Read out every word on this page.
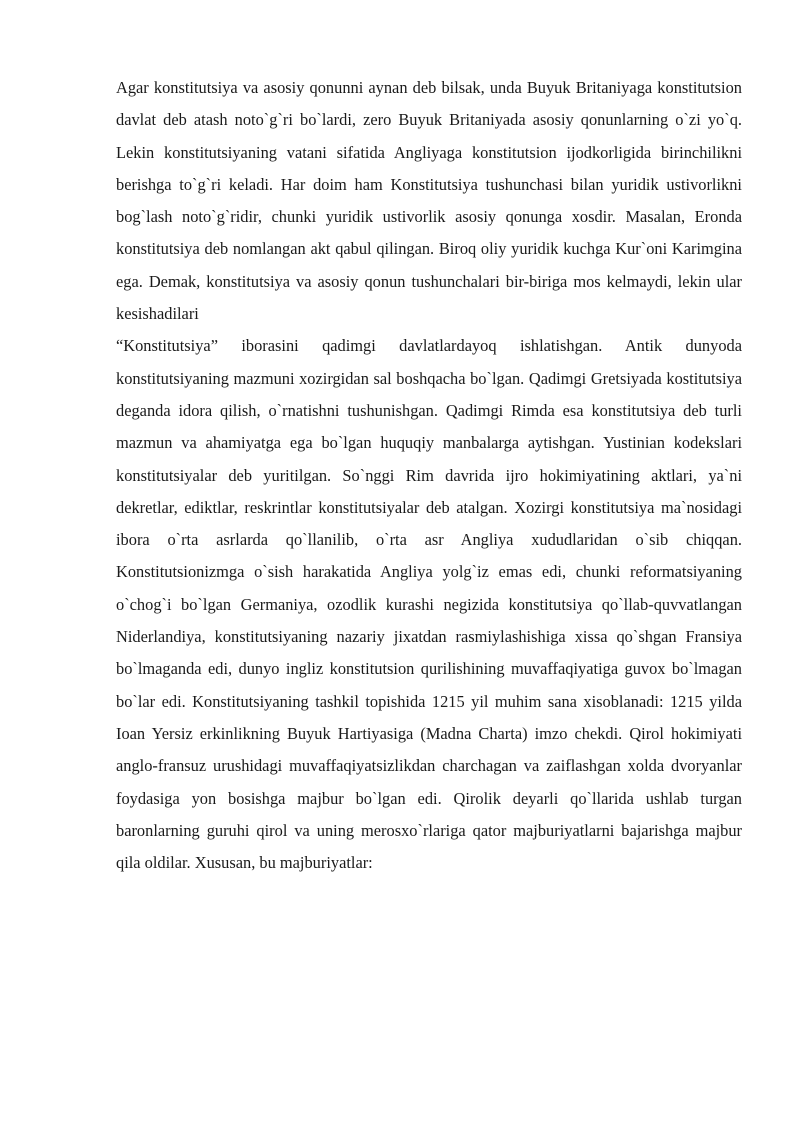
Agar konstitutsiya va asosiy qonunni aynan deb bilsak, unda Buyuk Britaniyaga konstitutsion davlat deb atash noto`g`ri bo`lardi, zero Buyuk Britaniyada asosiy qonunlarning o`zi yo`q. Lekin konstitutsiyaning vatani sifatida Angliyaga konstitutsion ijodkorligida birinchilikni berishga to`g`ri keladi. Har doim ham Konstitutsiya tushunchasi bilan yuridik ustivorlikni bog`lash noto`g`ridir, chunki yuridik ustivorlik asosiy qonunga xosdir. Masalan, Eronda konstitutsiya deb nomlangan akt qabul qilingan. Biroq oliy yuridik kuchga Kur`oni Karimgina ega. Demak, konstitutsiya va asosiy qonun tushunchalari bir-biriga mos kelmaydi, lekin ular kesishadilari

“Konstitutsiya” iborasini qadimgi davlatlardayoq ishlatishgan. Antik dunyoda konstitutsiyaning mazmuni xozirgidan sal boshqacha bo`lgan. Qadimgi Gretsiyada kostitutsiya deganda idora qilish, o`rnatishni tushunishgan. Qadimgi Rimda esa konstitutsiya deb turli mazmun va ahamiyatga ega bo`lgan huquqiy manbalarga aytishgan. Yustinian kodekslari konstitutsiyalar deb yuritilgan. So`nggi Rim davrida ijro hokimiyatining aktlari, ya`ni dekretlar, ediktlar, reskrintlar konstitutsiyalar deb atalgan. Xozirgi konstitutsiya ma`nosidagi ibora o`rta asrlarda qo`llanilib, o`rta asr Angliya xududlaridan o`sib chiqqan. Konstitutsionizmga o`sish harakatida Angliya yolg`iz emas edi, chunki reformatsiyaning o`chog`i bo`lgan Germaniya, ozodlik kurashi negizida konstitutsiya qo`llab-quvvatlangan Niderlandiya, konstitutsiyaning nazariy jixatdan rasmiylashishiga xissa qo`shgan Fransiya bo`lmaganda edi, dunyo ingliz konstitutsion qurilishining muvaffaqiyatiga guvox bo`lmagan bo`lar edi. Konstitutsiyaning tashkil topishida 1215 yil muhim sana xisoblanadi: 1215 yilda Ioan Yersiz erkinlikning Buyuk Hartiyasiga (Madna Charta) imzo chekdi. Qirol hokimiyati anglo-fransuz urushidagi muvaffaqiyatsizlikdan charchagan va zaiflashgan xolda dvoryanlar foydasiga yon bosishga majbur bo`lgan edi. Qirolik deyarli qo`llarida ushlab turgan baronlarning guruhi qirol va uning merosxo`rlariga qator majburiyatlarni bajarishga majbur qila oldilar. Xususan, bu majburiyatlar:
